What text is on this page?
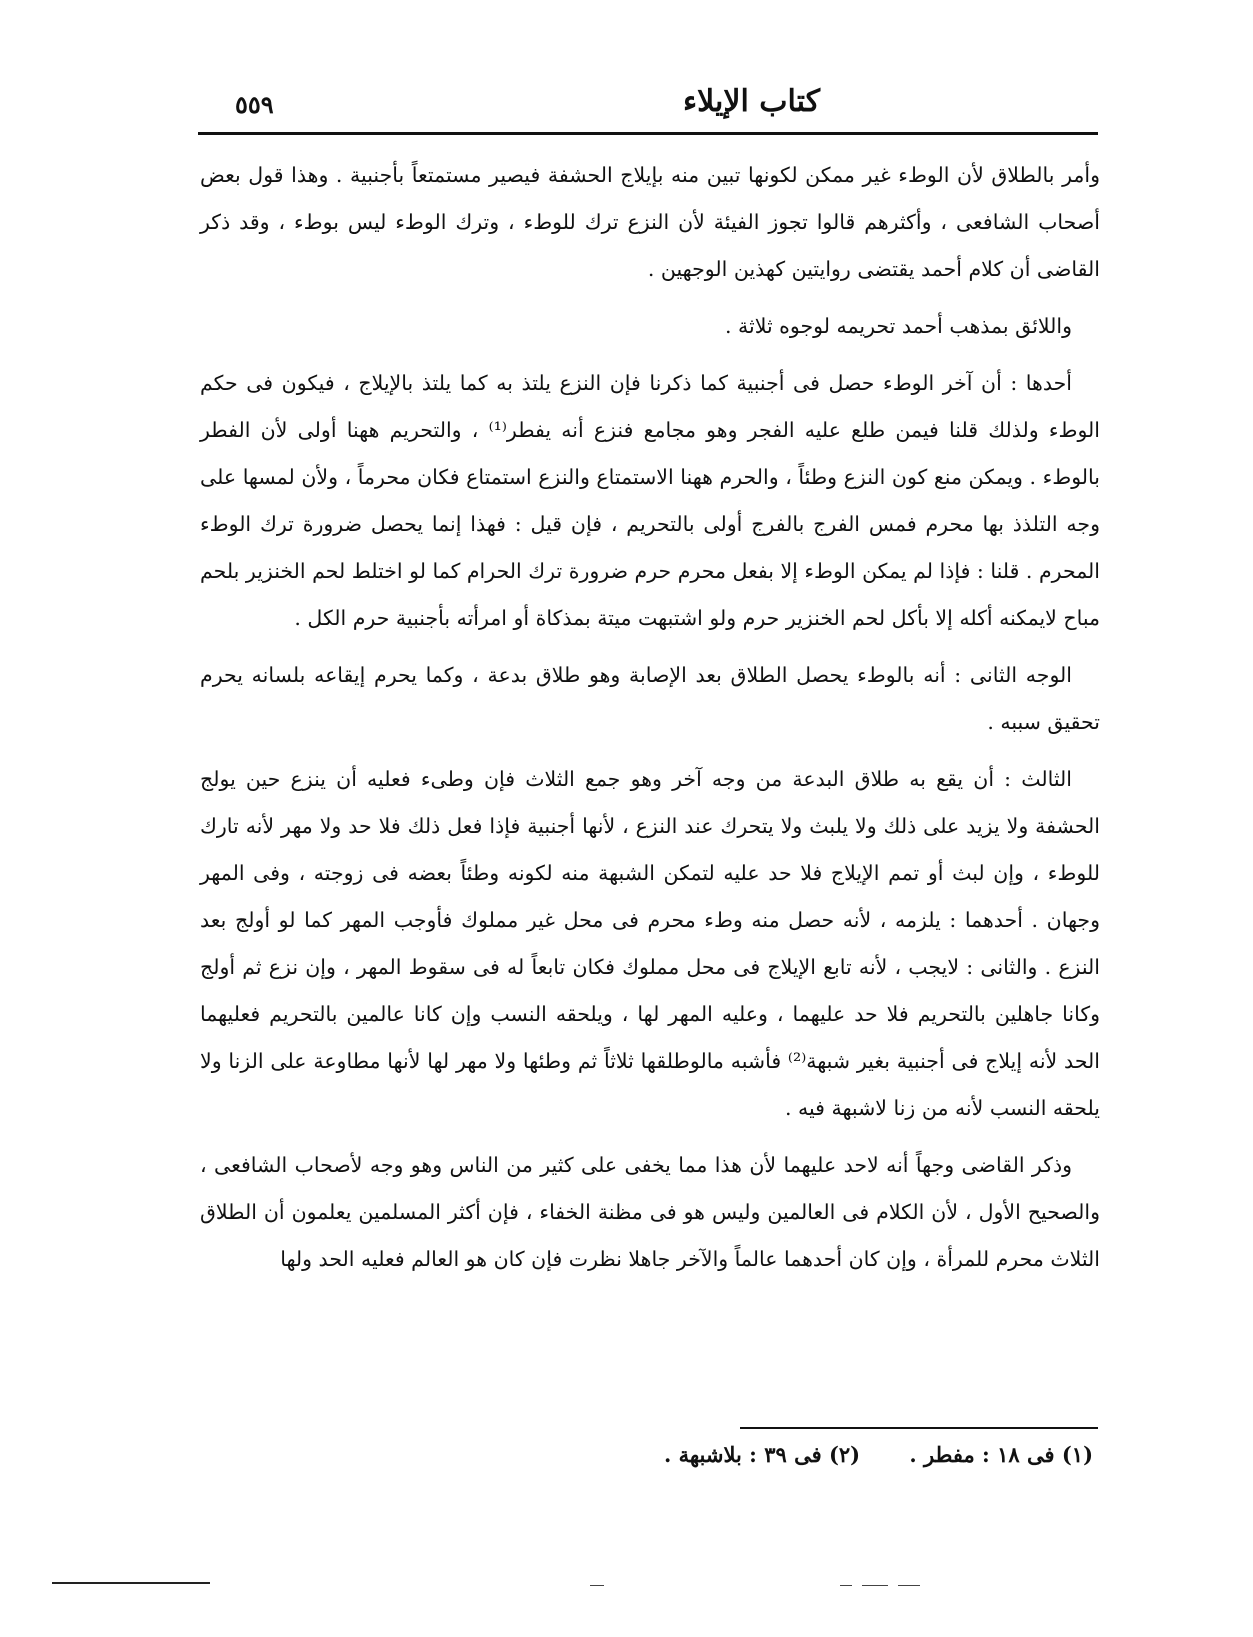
كتاب الإيلاء
٥٥٩

وأمر بالطلاق لأن الوطء غير ممكن لكونها تبين منه بإيلاج الحشفة فيصير مستمتعاً بأجنبية . وهذا قول بعض أصحاب الشافعى ، وأكثرهم قالوا تجوز الفيئة لأن النزع ترك للوطء ، وترك الوطء ليس بوطء ، وقد ذكر القاضى أن كلام أحمد يقتضى روايتين كهذين الوجهين .

واللائق بمذهب أحمد تحريمه لوجوه ثلاثة .

أحدها : أن آخر الوطء حصل فى أجنبية كما ذكرنا فإن النزع يلتذ به كما يلتذ بالإيلاج ، فيكون فى حكم الوطء ولذلك قلنا فيمن طلع عليه الفجر وهو مجامع فنزع أنه يفطر⁽¹⁾ ، والتحريم ههنا أولى لأن الفطر بالوطء . ويمكن منع كون النزع وطئاً ، والحرم ههنا الاستمتاع والنزع استمتاع فكان محرماً ، ولأن لمسها على وجه التلذذ بها محرم فمس الفرج بالفرج أولى بالتحريم ، فإن قيل : فهذا إنما يحصل ضرورة ترك الوطء المحرم . قلنا : فإذا لم يمكن الوطء إلا بفعل محرم حرم ضرورة ترك الحرام كما لو اختلط لحم الخنزير بلحم مباح لايمكنه أكله إلا بأكل لحم الخنزير حرم ولو اشتبهت ميتة بمذكاة أو امرأته بأجنبية حرم الكل .

الوجه الثانى : أنه بالوطء يحصل الطلاق بعد الإصابة وهو طلاق بدعة ، وكما يحرم إيقاعه بلسانه يحرم تحقيق سببه .

الثالث : أن يقع به طلاق البدعة من وجه آخر وهو جمع الثلاث فإن وطىء فعليه أن ينزع حين يولج الحشفة ولا يزيد على ذلك ولا يلبث ولا يتحرك عند النزع ، لأنها أجنبية فإذا فعل ذلك فلا حد ولا مهر لأنه تارك للوطء ، وإن لبث أو تمم الإيلاج فلا حد عليه لتمكن الشبهة منه لكونه وطئاً بعضه فى زوجته ، وفى المهر وجهان . أحدهما : يلزمه ، لأنه حصل منه وطء محرم فى محل غير مملوك فأوجب المهر كما لو أولج بعد النزع . والثانى : لايجب ، لأنه تابع الإيلاج فى محل مملوك فكان تابعاً له فى سقوط المهر ، وإن نزع ثم أولج وكانا جاهلين بالتحريم فلا حد عليهما ، وعليه المهر لها ، ويلحقه النسب وإن كانا عالمين بالتحريم فعليهما الحد لأنه إيلاج فى أجنبية بغير شبهة⁽²⁾ فأشبه مالوطلقها ثلاثاً ثم وطئها ولا مهر لها لأنها مطاوعة على الزنا ولا يلحقه النسب لأنه من زنا لاشبهة فيه .

وذكر القاضى وجهاً أنه لاحد عليهما لأن هذا مما يخفى على كثير من الناس وهو وجه لأصحاب الشافعى ، والصحيح الأول ، لأن الكلام فى العالمين وليس هو فى مظنة الخفاء ، فإن أكثر المسلمين يعلمون أن الطلاق الثلاث محرم للمرأة ، وإن كان أحدهما عالماً والآخر جاهلا نظرت فإن كان هو العالم فعليه الحد ولها

(١) فى ١٨ : مفطر . (٢) فى ٣٩ : بلاشبهة .
